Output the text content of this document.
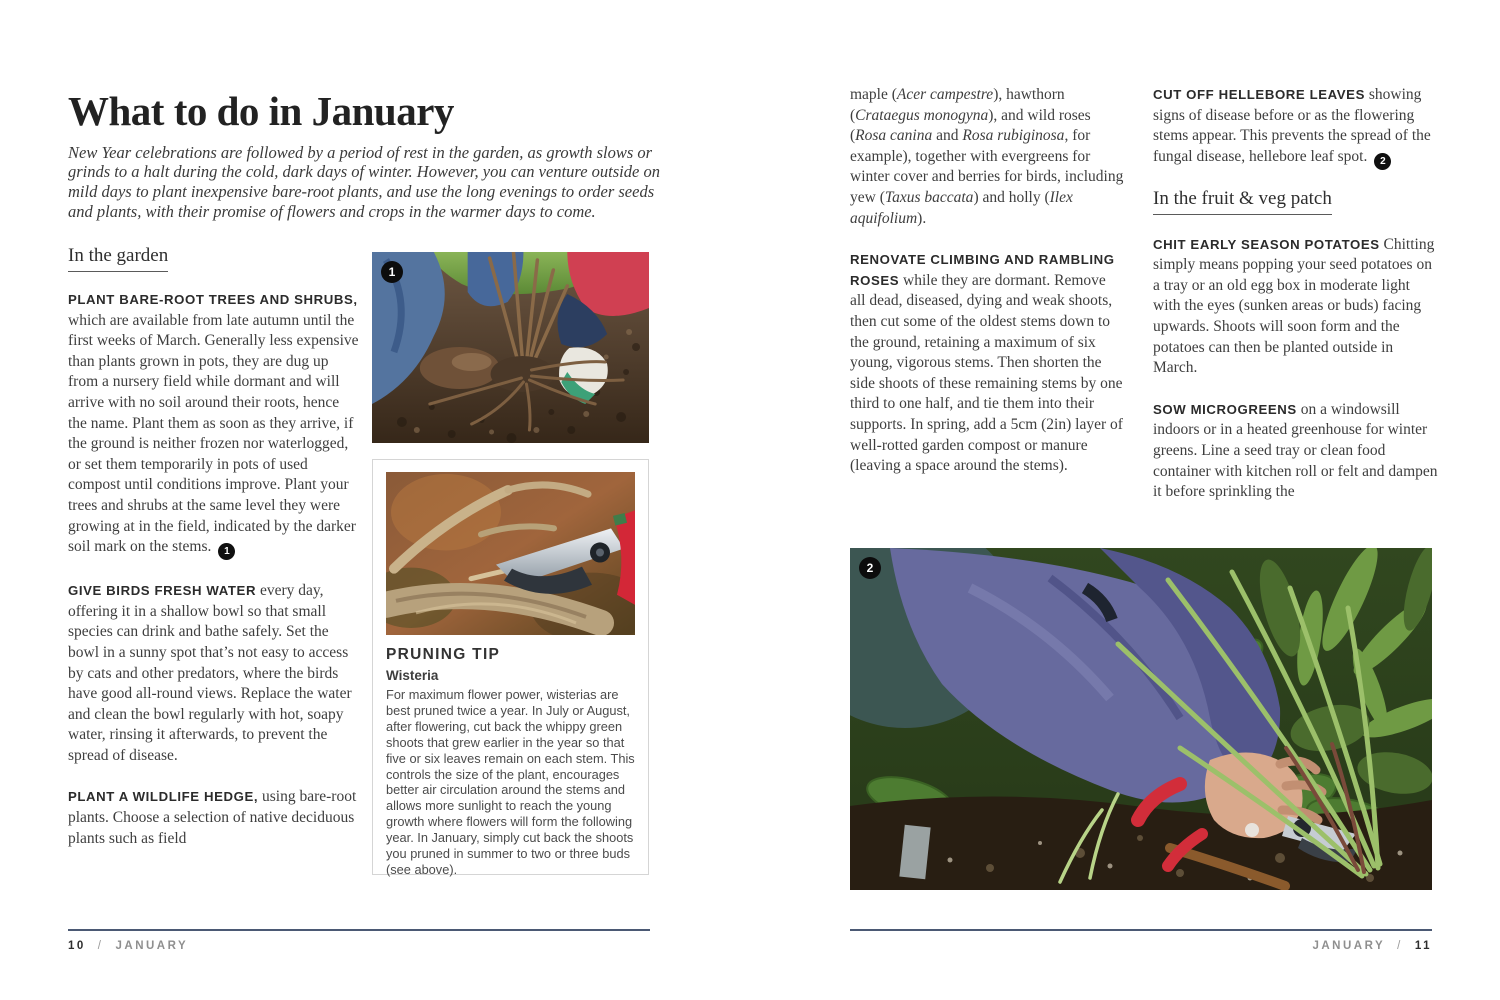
What to do in January

New Year celebrations are followed by a period of rest in the garden, as growth slows or grinds to a halt during the cold, dark days of winter. However, you can venture outside on mild days to plant inexpensive bare-root plants, and use the long evenings to order seeds and plants, with their promise of flowers and crops in the warmer days to come.

In the garden

PLANT BARE-ROOT TREES AND SHRUBS, which are available from late autumn until the first weeks of March. Generally less expensive than plants grown in pots, they are dug up from a nursery field while dormant and will arrive with no soil around their roots, hence the name. Plant them as soon as they arrive, if the ground is neither frozen nor waterlogged, or set them temporarily in pots of used compost until conditions improve. Plant your trees and shrubs at the same level they were growing at in the field, indicated by the darker soil mark on the stems. 1

GIVE BIRDS FRESH WATER every day, offering it in a shallow bowl so that small species can drink and bathe safely. Set the bowl in a sunny spot that’s not easy to access by cats and other predators, where the birds have good all-round views. Replace the water and clean the bowl regularly with hot, soapy water, rinsing it afterwards, to prevent the spread of disease.

PLANT A WILDLIFE HEDGE, using bare-root plants. Choose a selection of native deciduous plants such as field

1
PRUNING TIP
Wisteria
For maximum flower power, wisterias are best pruned twice a year. In July or August, after flowering, cut back the whippy green shoots that grew earlier in the year so that five or six leaves remain on each stem. This controls the size of the plant, encourages better air circulation around the stems and allows more sunlight to reach the young growth where flowers will form the following year. In January, simply cut back the shoots you pruned in summer to two or three buds (see above).
10 / JANUARY

maple (Acer campestre), hawthorn (Crataegus monogyna), and wild roses (Rosa canina and Rosa rubiginosa, for example), together with evergreens for winter cover and berries for birds, including yew (Taxus baccata) and holly (Ilex aquifolium).

RENOVATE CLIMBING AND RAMBLING ROSES while they are dormant. Remove all dead, diseased, dying and weak shoots, then cut some of the oldest stems down to the ground, retaining a maximum of six young, vigorous stems. Then shorten the side shoots of these remaining stems by one third to one half, and tie them into their supports. In spring, add a 5cm (2in) layer of well-rotted garden compost or manure (leaving a space around the stems).

CUT OFF HELLEBORE LEAVES showing signs of disease before or as the flowering stems appear. This prevents the spread of the fungal disease, hellebore leaf spot. 2

In the fruit & veg patch

CHIT EARLY SEASON POTATOES Chitting simply means popping your seed potatoes on a tray or an old egg box in moderate light with the eyes (sunken areas or buds) facing upwards. Shoots will soon form and the potatoes can then be planted outside in March.

SOW MICROGREENS on a windowsill indoors or in a heated greenhouse for winter greens. Line a seed tray or clean food container with kitchen roll or felt and dampen it before sprinkling the

2
JANUARY / 11
